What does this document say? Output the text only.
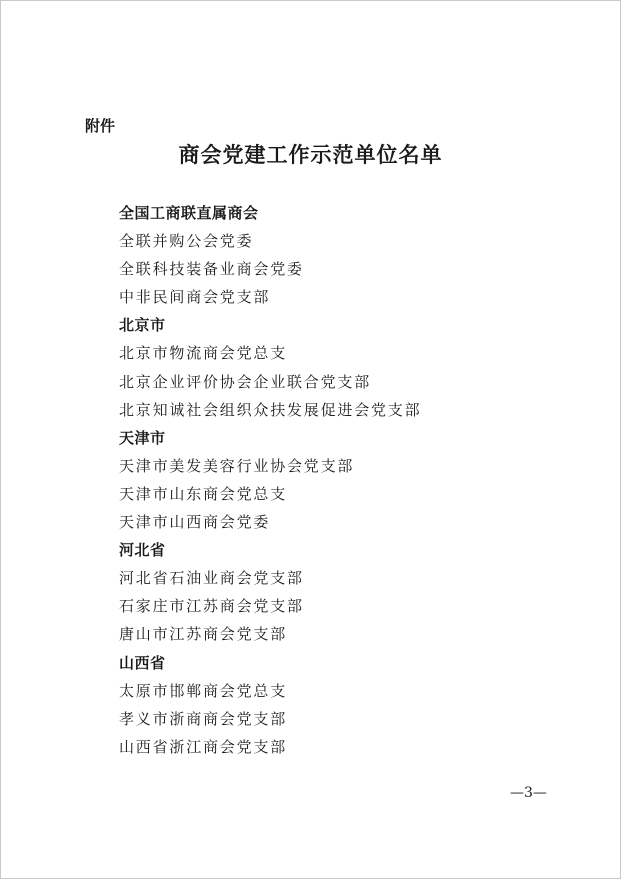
附件
商会党建工作示范单位名单
全国工商联直属商会
全联并购公会党委
全联科技装备业商会党委
中非民间商会党支部
北京市
北京市物流商会党总支
北京企业评价协会企业联合党支部
北京知诚社会组织众扶发展促进会党支部
天津市
天津市美发美容行业协会党支部
天津市山东商会党总支
天津市山西商会党委
河北省
河北省石油业商会党支部
石家庄市江苏商会党支部
唐山市江苏商会党支部
山西省
太原市邯郸商会党总支
孝义市浙商商会党支部
山西省浙江商会党支部
—3—
